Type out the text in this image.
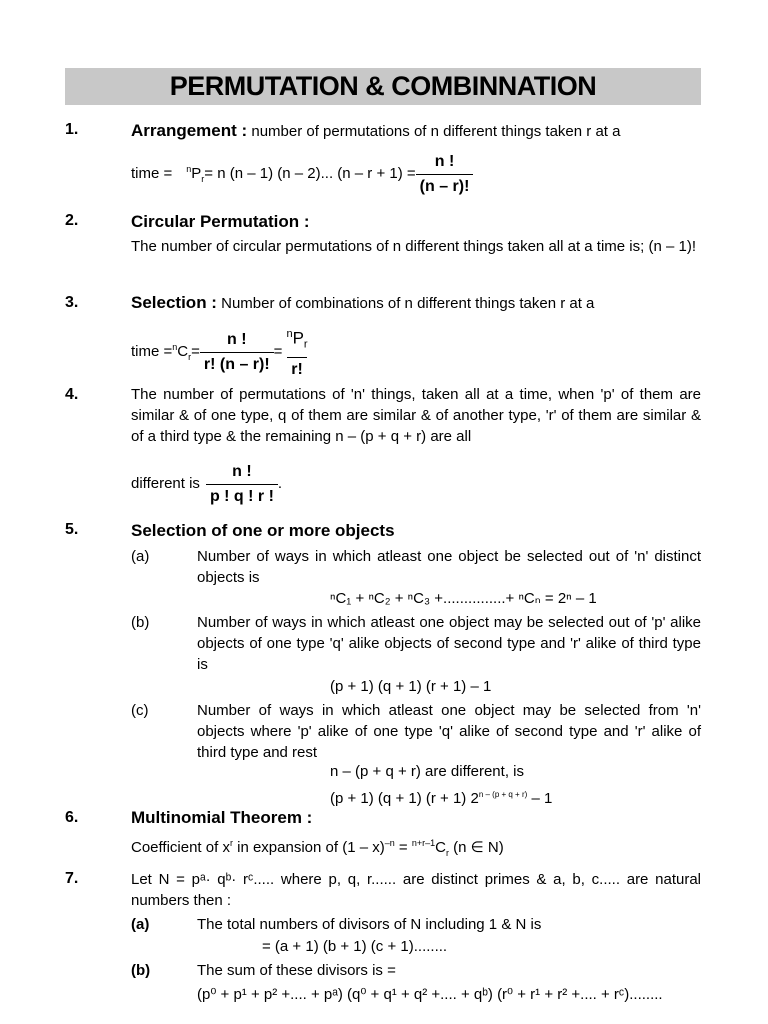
PERMUTATION & COMBINNATION
1.	Arrangement : number of permutations of n different things taken r at a
time =	$^nP_r = n$ (n – 1) (n – 2)... $(n - r + 1) = \frac{n !}{(n - r)!}$
2.	Circular Permutation :
The number of circular permutations of n different things taken all at a time is; (n – 1)!
3.	Selection : Number of combinations of n different things taken r at a
time = $^nC_r = \frac{n !}{r! (n - r)!} = \frac{^nP_r}{r!}$
4.	The number of permutations of 'n' things, taken all at a time, when 'p' of them are similar & of one type, q of them are similar & of another type, 'r' of them are similar & of a third type & the remaining n – (p + q + r) are all
different is $\frac{n !}{p ! q ! r !}$ .
5.	Selection of one or more objects
(a)	Number of ways in which atleast one object be selected out of 'n' distinct objects is
ⁿC₁ + ⁿC₂ + ⁿC₃ +...............+ ⁿCₙ = 2ⁿ – 1
(b)	Number of ways in which atleast one object may be selected out of 'p' alike objects of one type 'q' alike objects of second type and 'r' alike of third type is
(p + 1) (q + 1) (r + 1) – 1
(c)	Number of ways in which atleast one object may be selected from 'n' objects where 'p' alike of one type 'q' alike of second type and 'r' alike of third type and rest
n – (p + q + r) are different, is
(p + 1) (q + 1) (r + 1) $2^{n - (p + q + r)} - 1$
6.	Multinomial Theorem :
Coefficient of $x^r$ in expansion of $(1 - x)^{-n} = ^{n+r-1}C_r$ (n ∈ N)
7.	Let N = pᵃ· qᵇ· rᶜ..... where p, q, r...... are distinct primes & a, b, c..... are natural numbers then :
(a)	The total numbers of divisors of N including 1 & N is
= (a + 1) (b + 1) (c + 1)........
(b)	The sum of these divisors is =
(p⁰ + p¹ + p² +.... + pᵃ) (q⁰ + q¹ + q² +.... + qᵇ) (r⁰ + r¹ + r² +.... + rᶜ)........
